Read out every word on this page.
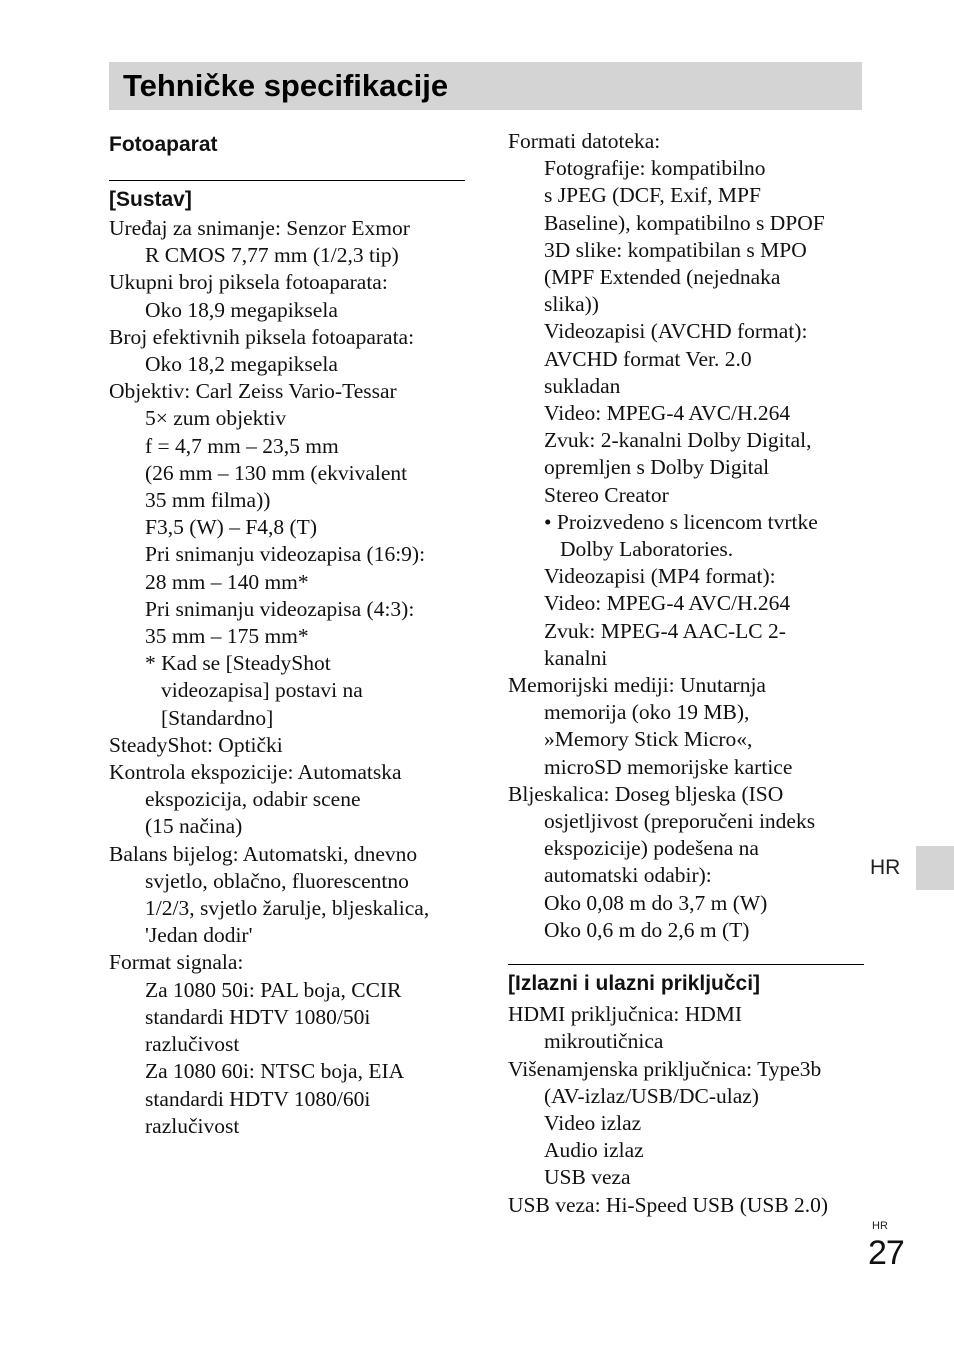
Tehničke specifikacije

Fotoaparat

[Sustav]

Uređaj za snimanje: Senzor Exmor

R CMOS 7,77 mm (1/2,3 tip)

Ukupni broj piksela fotoaparata:

Oko 18,9 megapiksela

Broj efektivnih piksela fotoaparata:

Oko 18,2 megapiksela

Objektiv: Carl Zeiss Vario-Tessar

5× zum objektiv

f = 4,7 mm – 23,5 mm

(26 mm – 130 mm (ekvivalent

35 mm filma))

F3,5 (W) – F4,8 (T)

Pri snimanju videozapisa (16:9):

28 mm – 140 mm*

Pri snimanju videozapisa (4:3):

35 mm – 175 mm*

* Kad se [SteadyShot

videozapisa] postavi na

[Standardno]

SteadyShot: Optički

Kontrola ekspozicije: Automatska

ekspozicija, odabir scene

(15 načina)

Balans bijelog: Automatski, dnevno

svjetlo, oblačno, fluorescentno

1/2/3, svjetlo žarulje, bljeskalica,

'Jedan dodir'

Format signala:

Za 1080 50i: PAL boja, CCIR

standardi HDTV 1080/50i

razlučivost

Za 1080 60i: NTSC boja, EIA

standardi HDTV 1080/60i

razlučivost

Formati datoteka:

Fotografije: kompatibilno

s JPEG (DCF, Exif, MPF

Baseline), kompatibilno s DPOF

3D slike: kompatibilan s MPO

(MPF Extended (nejednaka

slika))

Videozapisi (AVCHD format):

AVCHD format Ver. 2.0

sukladan

Video: MPEG-4 AVC/H.264

Zvuk: 2-kanalni Dolby Digital,

opremljen s Dolby Digital

Stereo Creator

• Proizvedeno s licencom tvrtke

Dolby Laboratories.

Videozapisi (MP4 format):

Video: MPEG-4 AVC/H.264

Zvuk: MPEG-4 AAC-LC 2-

kanalni

Memorijski mediji: Unutarnja

memorija (oko 19 MB),

»Memory Stick Micro«,

microSD memorijske kartice

Bljeskalica: Doseg bljeska (ISO

osjetljivost (preporučeni indeks

ekspozicije) podešena na

automatski odabir):

Oko 0,08 m do 3,7 m (W)

Oko 0,6 m do 2,6 m (T)

[Izlazni i ulazni priključci]

HDMI priključnica: HDMI

mikroutičnica

Višenamjenska priključnica: Type3b

(AV-izlaz/USB/DC-ulaz)

Video izlaz

Audio izlaz

USB veza

USB veza: Hi-Speed USB (USB 2.0)

HR
HR
27
